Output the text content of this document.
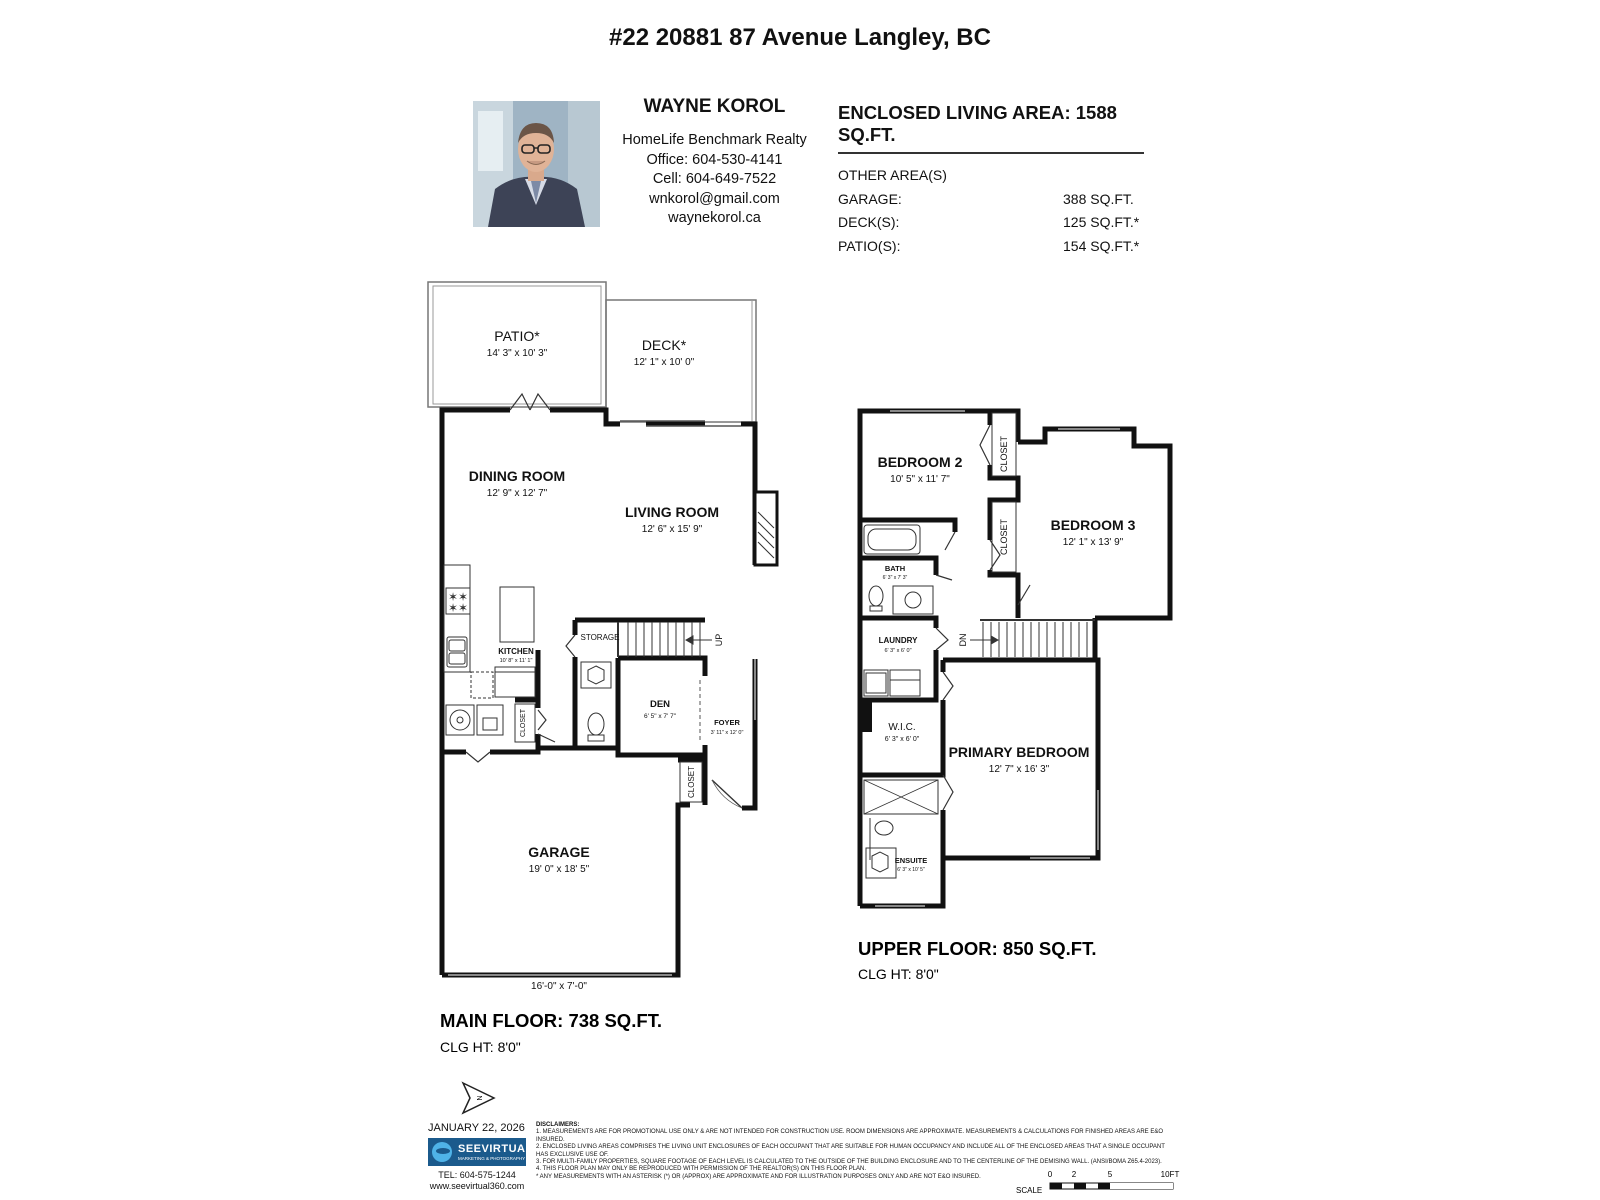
#22 20881 87 Avenue Langley, BC
WAYNE KOROL
HomeLife Benchmark Realty
Office: 604-530-4141
Cell: 604-649-7522
wnkorol@gmail.com
waynekorol.ca
ENCLOSED LIVING AREA: 1588 SQ.FT.
OTHER AREA(S)
GARAGE:	388 SQ.FT.
DECK(S):	125 SQ.FT.*
PATIO(S):	154 SQ.FT.*
✶✶
✶✶
PATIO*
14' 3" x 10' 3"
DECK*
12' 1" x 10' 0"
DINING ROOM
12' 9" x 12' 7"
LIVING ROOM
12' 6" x 15' 9"
KITCHEN
10' 8" x 11' 1"
STORAGE	UP
DEN
6' 5" x 7' 7"
FOYER
3' 11" x 12' 0"
CLOSET
CLOSET
GARAGE
19' 0" x 18' 5"
16'-0" x 7'-0"
BEDROOM 2
10' 5" x 11' 7"
BEDROOM 3
12' 1" x 13' 9"
CLOSET
CLOSET
BATH
6' 3" x 7' 3"
LAUNDRY
6' 3" x 6' 0"
DN
W.I.C.
6' 3" x 6' 0"
PRIMARY BEDROOM
12' 7" x 16' 3"
ENSUITE
6' 3" x 10' 5"
MAIN FLOOR: 738 SQ.FT.
CLG HT: 8'0"
UPPER FLOOR: 850 SQ.FT.
CLG HT: 8'0"
N
SCALE
0 2	5	10FT
JANUARY 22, 2026
SEEVIRTUAL
MARKETING & PHOTOGRAPHY
TEL: 604-575-1244
www.seevirtual360.com
DISCLAIMERS:
1. MEASUREMENTS ARE FOR PROMOTIONAL USE ONLY & ARE NOT INTENDED FOR CONSTRUCTION USE. ROOM DIMENSIONS ARE APPROXIMATE. MEASUREMENTS & CALCULATIONS FOR FINISHED AREAS ARE E&O INSURED.
2. ENCLOSED LIVING AREAS COMPRISES THE LIVING UNIT ENCLOSURES OF EACH OCCUPANT THAT ARE SUITABLE FOR HUMAN OCCUPANCY AND INCLUDE ALL OF THE ENCLOSED AREAS THAT A SINGLE OCCUPANT HAS EXCLUSIVE USE OF.
3. FOR MULTI-FAMILY PROPERTIES, SQUARE FOOTAGE OF EACH LEVEL IS CALCULATED TO THE OUTSIDE OF THE BUILDING ENCLOSURE AND TO THE CENTERLINE OF THE DEMISING WALL. (ANSI/BOMA Z65.4-2023).
4. THIS FLOOR PLAN MAY ONLY BE REPRODUCED WITH PERMISSION OF THE REALTOR(S) ON THIS FLOOR PLAN.
* ANY MEASUREMENTS WITH AN ASTERISK (*) OR (APPROX) ARE APPROXIMATE AND FOR ILLUSTRATION PURPOSES ONLY AND ARE NOT E&O INSURED.
